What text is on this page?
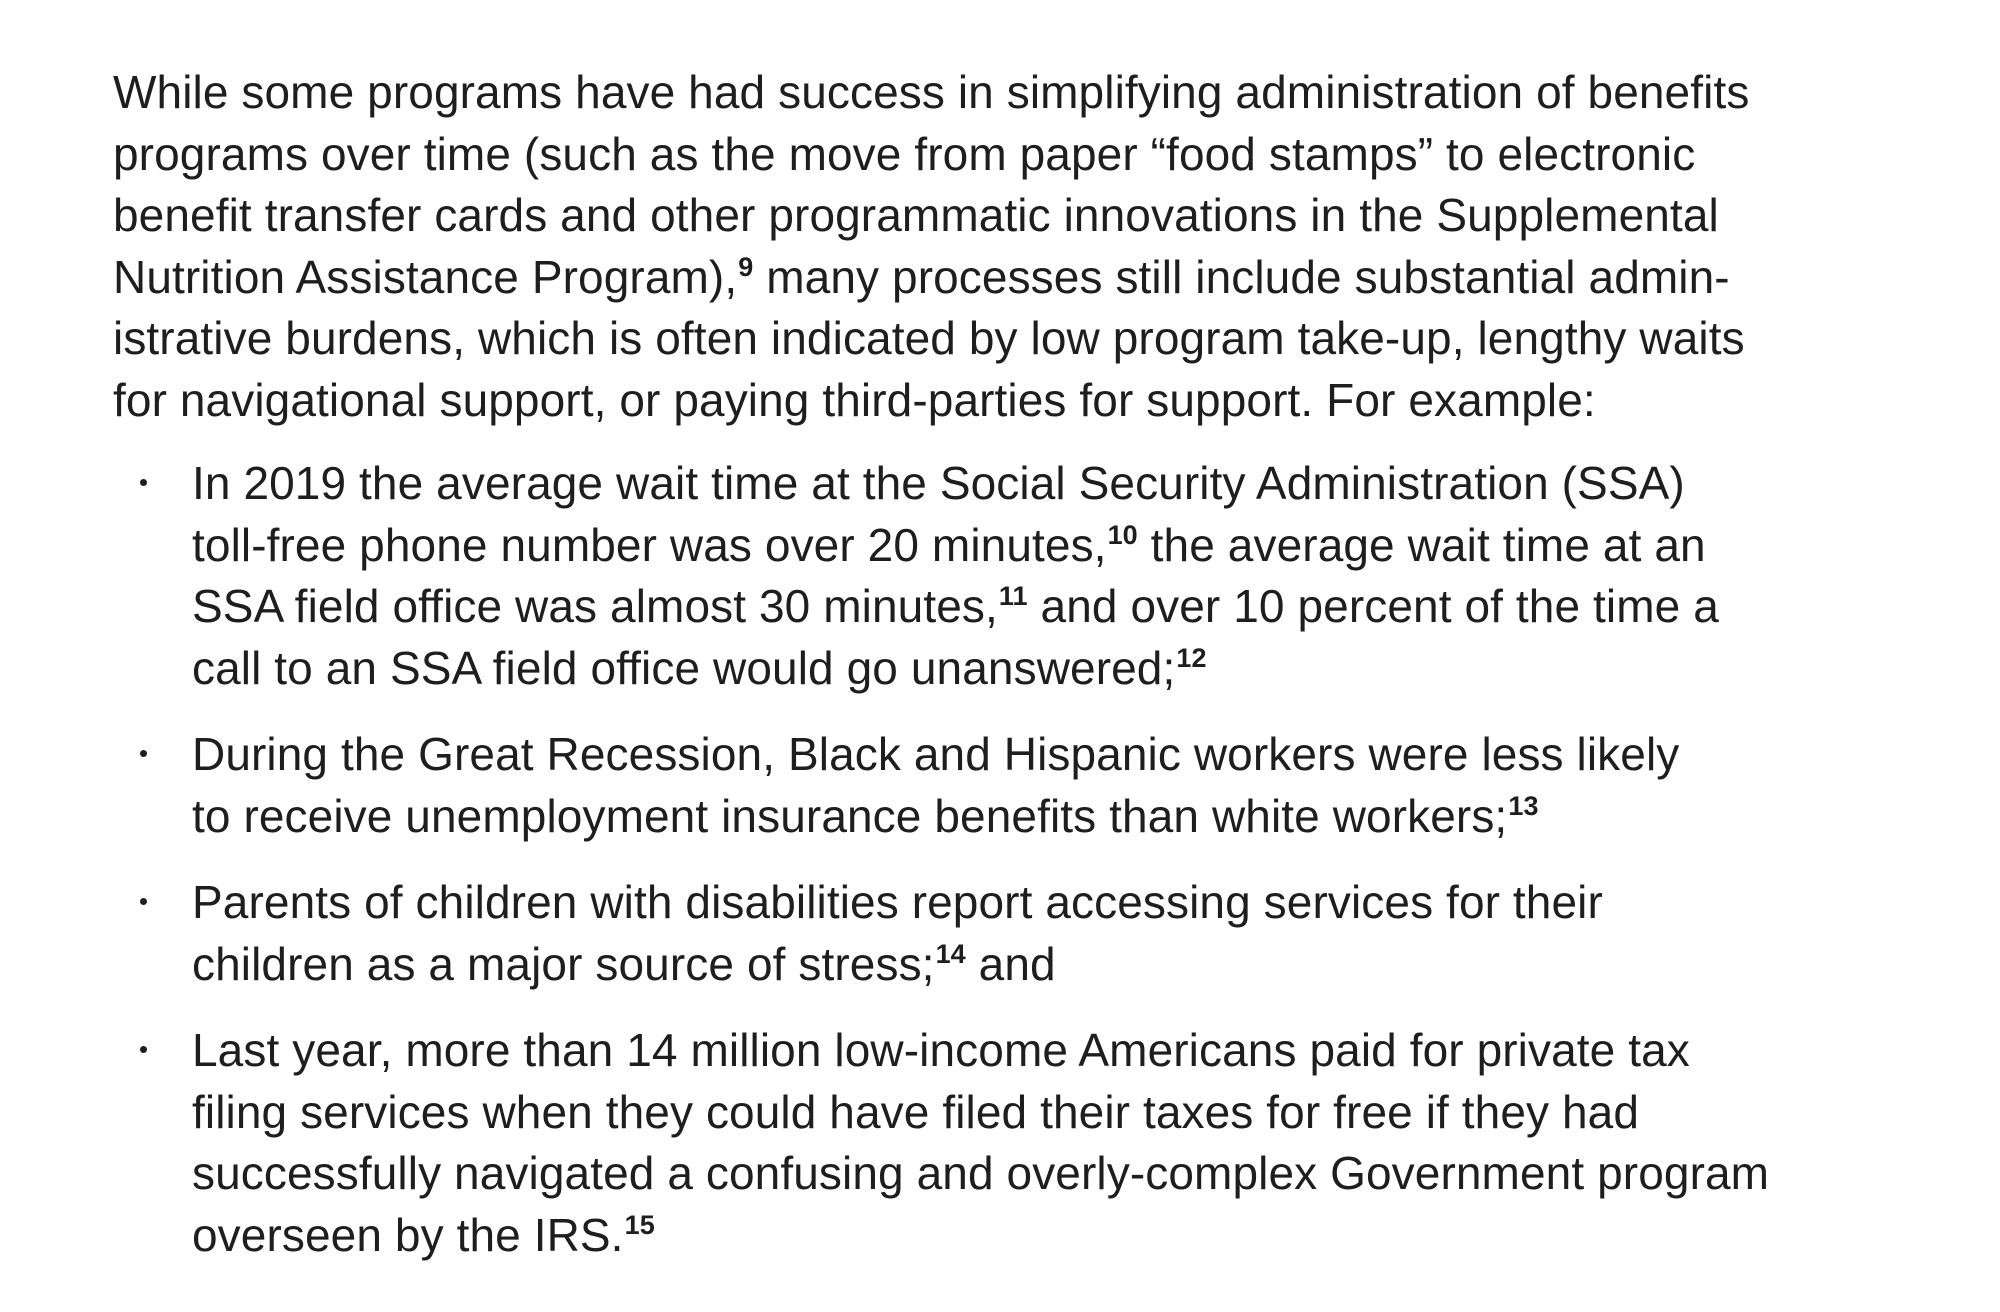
While some programs have had success in simplifying administration of benefits
programs over time (such as the move from paper “food stamps” to electronic
benefit transfer cards and other programmatic innovations in the Supplemental
Nutrition Assistance Program),$^9$ many processes still include substantial admin-
istrative burdens, which is often indicated by low program take-up, lengthy waits
for navigational support, or paying third-parties for support. For example:

In 2019 the average wait time at the Social Security Administration (SSA)
toll-free phone number was over 20 minutes,$^{10}$ the average wait time at an
SSA field office was almost 30 minutes,$^{11}$ and over 10 percent of the time a
call to an SSA field office would go unanswered;$^{12}$
During the Great Recession, Black and Hispanic workers were less likely
to receive unemployment insurance benefits than white workers;$^{13}$
Parents of children with disabilities report accessing services for their
children as a major source of stress;$^{14}$ and
Last year, more than 14 million low-income Americans paid for private tax
filing services when they could have filed their taxes for free if they had
successfully navigated a confusing and overly-complex Government program
overseen by the IRS.$^{15}$
